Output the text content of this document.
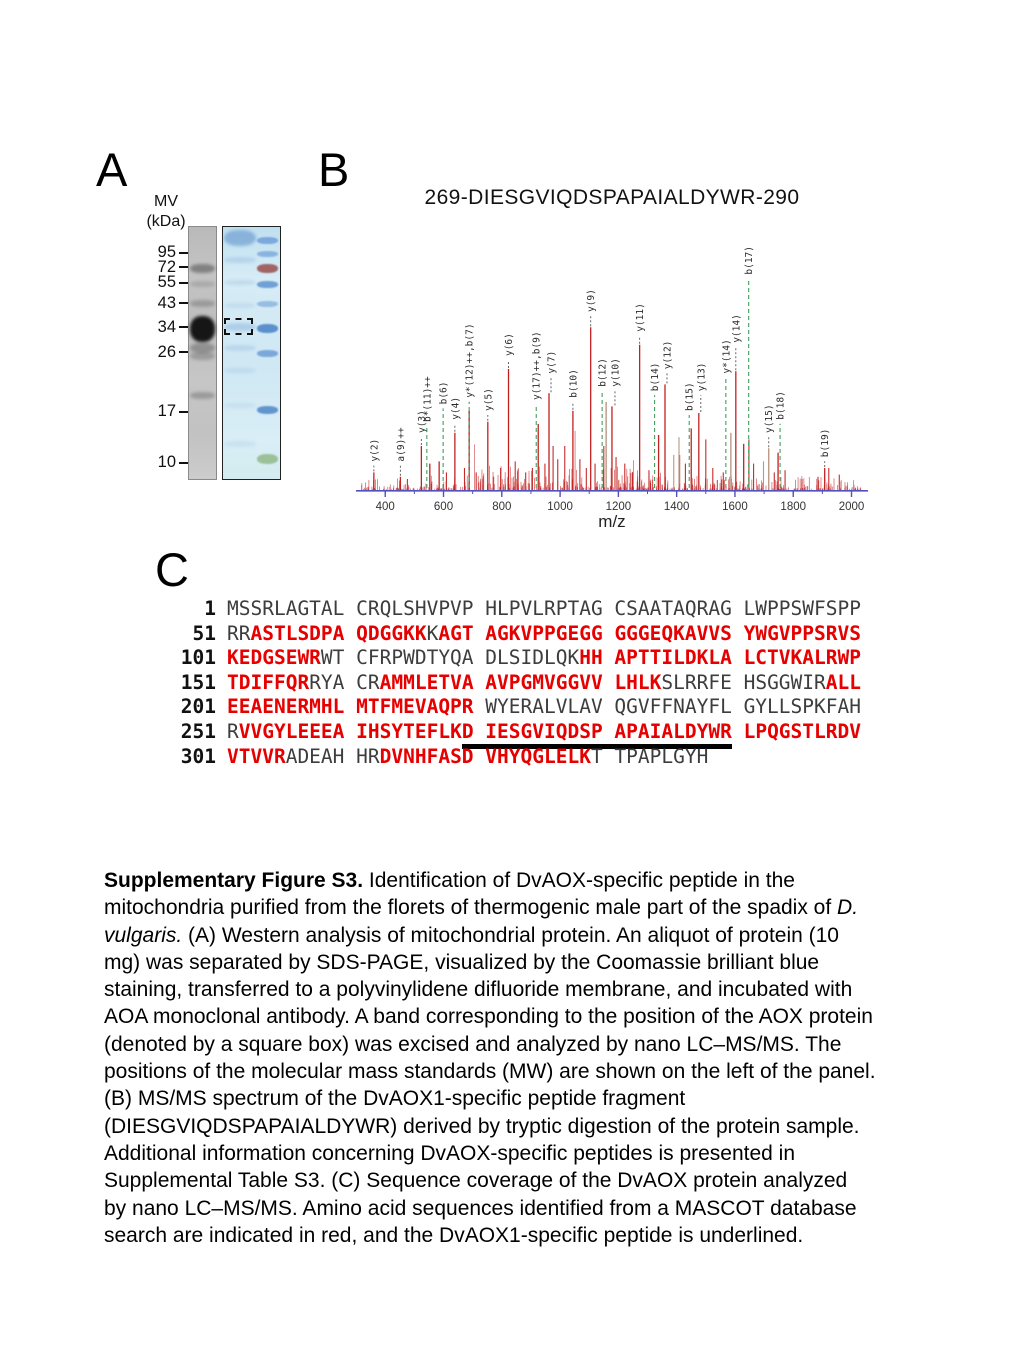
A
MV
(kDa)
95
72
55
43
34
26
17
10
B
269-DIESGVIQDSPAPAIALDYWR-290
y(2) a(9)++
y(3)
b*(11)++ b(6)
y(4)
y*(12)++,b(7)
y(5)
y(6) y(17)++,b(9) y(7)
b(10)
y(9)
b(12) y(10)
y(11)
b(14)
y(12)
b(15)
y(13)
y*(14)
y(14)
b(17)
y(15) b(18)
b(19)
400	600	800	1000	1200	1400	1600	1800	2000
m/z
C
1 MSSRLAGTAL CRQLSHVPVP HLPVLRPTAG CSAATAQRAG LWPPSWFSPP
51 RRASTLSDPA QDGGKKKAGT AGKVPPGEGG GGGEQKAVVS YWGVPPSRVS
101 KEDGSEWRWT CFRPWDTYQA DLSIDLQKHH APTTILDKLA LCTVKALRWP
151 TDIFFQRRYA CRAMMLETVA AVPGMVGGVV LHLKSLRRFE HSGGWIRALL
201 EEAENERMHL MTFMEVAQPR WYERALVLAV QGVFFNAYFL GYLLSPKFAH
251 RVVGYLEEEA IHSYTEFLKD IESGVIQDSP APAIALDYWR LPQGSTLRDV
301 VTVVRADEAH HRDVNHFASD VHYQGLELKT TPAPLGYH
Supplementary Figure S3. Identification of DvAOX-specific peptide in the
mitochondria purified from the florets of thermogenic male part of the spadix of D.
vulgaris. (A) Western analysis of mitochondrial protein. An aliquot of protein (10
mg) was separated by SDS-PAGE, visualized by the Coomassie brilliant blue
staining, transferred to a polyvinylidene difluoride membrane, and incubated with
AOA monoclonal antibody. A band corresponding to the position of the AOX protein
(denoted by a square box) was excised and analyzed by nano LC–MS/MS. The
positions of the molecular mass standards (MW) are shown on the left of the panel.
(B) MS/MS spectrum of the DvAOX1-specific peptide fragment
(DIESGVIQDSPAPAIALDYWR) derived by tryptic digestion of the protein sample.
Additional information concerning DvAOX-specific peptides is presented in
Supplemental Table S3. (C) Sequence coverage of the DvAOX protein analyzed
by nano LC–MS/MS. Amino acid sequences identified from a MASCOT database
search are indicated in red, and the DvAOX1-specific peptide is underlined.
